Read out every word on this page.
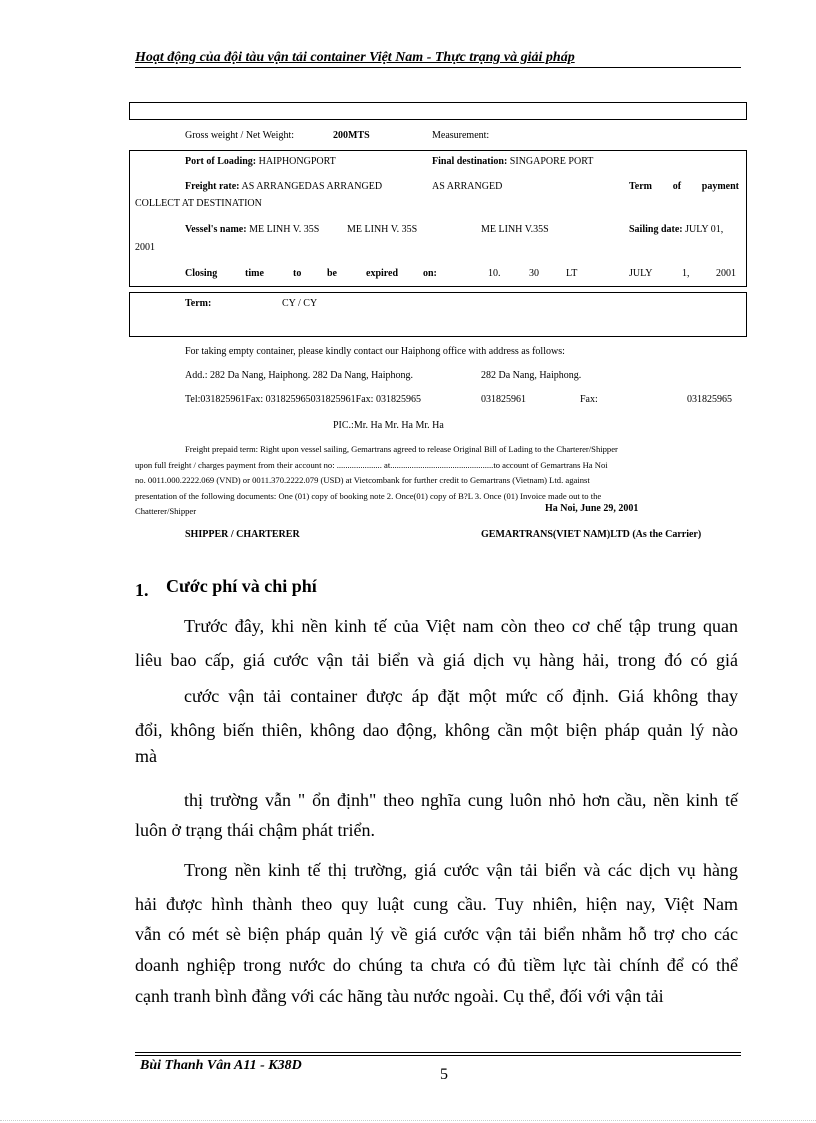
Hoạt động của đội tàu vận tải container Việt Nam - Thực trạng và giải pháp
Gross weight / Net Weight:	200MTS	Measurement:
Port of Loading: HAIPHONGPORT	Final destination: SINGAPORE PORT
Freight rate: AS ARRANGEDAS ARRANGED	AS ARRANGED	Term of payment
COLLECT AT DESTINATION
Vessel's name: ME LINH V. 35S	ME LINH V. 35S	ME LINH V.35S	Sailing date: JULY 01,
2001
Closing	time	to	be	expired on:	10.	30	LT	JULY	1,	2001
Term:	CY / CY
For taking empty container, please kindly contact our Haiphong office with address as follows:
Add.: 282 Da Nang, Haiphong. 282 Da Nang, Haiphong.	282 Da Nang, Haiphong.
Tel:031825961Fax: 031825965031825961Fax: 031825965	031825961	Fax:	031825965
PIC.:Mr. Ha Mr. Ha Mr. Ha
Freight prepaid term: Right upon vessel sailing, Gemartrans agreed to release Original Bill of Lading to the Charterer/Shipper
upon full freight / charges payment from their account no: ..................... at................................................to account of Gemartrans Ha Noi
no. 0011.000.2222.069 (VND) or 0011.370.2222.079 (USD) at Vietcombank for further credit to Gemartrans (Vietnam) Ltd. against
presentation of the following documents: One (01) copy of booking note 2. Once(01) copy of B?L 3. Once (01) Invoice made out to the
Chatterer/Shipper	Ha Noi, June 29, 2001
SHIPPER / CHARTERER	GEMARTRANS(VIET NAM)LTD (As the Carrier)
1. Cước phí và chi phí
Trước đây, khi nền kinh tế của Việt nam còn theo cơ chế tập trung quan
liêu bao cấp, giá cước vận tải biển và giá dịch vụ hàng hải, trong đó có giá
cước vận tải container được áp đặt một mức cố định. Giá không thay
đổi, không biến thiên, không dao động, không cần một biện pháp quản lý nào
mà
thị trường vẫn " ổn định" theo nghĩa cung luôn nhỏ hơn cầu, nền kinh tế
luôn ở trạng thái chậm phát triển.
Trong nền kinh tế thị trường, giá cước vận tải biển và các dịch vụ hàng
hải được hình thành theo quy luật cung cầu. Tuy nhiên, hiện nay, Việt Nam
vẫn có mét sè biện pháp quản lý về giá cước vận tải biển nhằm hỗ trợ cho các
doanh nghiệp trong nước do chúng ta chưa có đủ tiềm lực tài chính để có thể
cạnh tranh bình đẳng với các hãng tàu nước ngoài. Cụ thể, đối với vận tải
Bùi Thanh Vân A11 - K38D
5
